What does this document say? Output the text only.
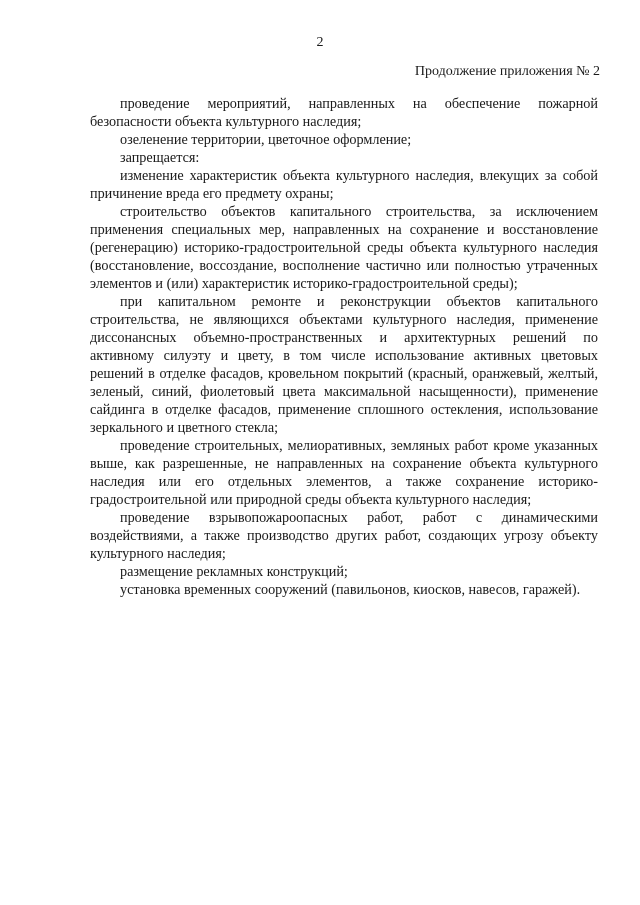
2
Продолжение приложения № 2

проведение мероприятий, направленных на обеспечение пожарной безопасности объекта культурного наследия;

озеленение территории, цветочное оформление;

запрещается:

изменение характеристик объекта культурного наследия, влекущих за собой причинение вреда его предмету охраны;

строительство объектов капитального строительства, за исключением применения специальных мер, направленных на сохранение и восстановление (регенерацию) историко-градостроительной среды объекта культурного наследия (восстановление, воссоздание, восполнение частично или полностью утраченных элементов и (или) характеристик историко-градостроительной среды);

при капитальном ремонте и реконструкции объектов капитального строительства, не являющихся объектами культурного наследия, применение диссонансных объемно-пространственных и архитектурных решений по активному силуэту и цвету, в том числе использование активных цветовых решений в отделке фасадов, кровельном покрытий (красный, оранжевый, желтый, зеленый, синий, фиолетовый цвета максимальной насыщенности), применение сайдинга в отделке фасадов, применение сплошного остекления, использование зеркального и цветного стекла;

проведение строительных, мелиоративных, земляных работ кроме указанных выше, как разрешенные, не направленных на сохранение объекта культурного наследия или его отдельных элементов, а также сохранение историко-градостроительной или природной среды объекта культурного наследия;

проведение взрывопожароопасных работ, работ с динамическими воздействиями, а также производство других работ, создающих угрозу объекту культурного наследия;

размещение рекламных конструкций;

установка временных сооружений (павильонов, киосков, навесов, гаражей).
